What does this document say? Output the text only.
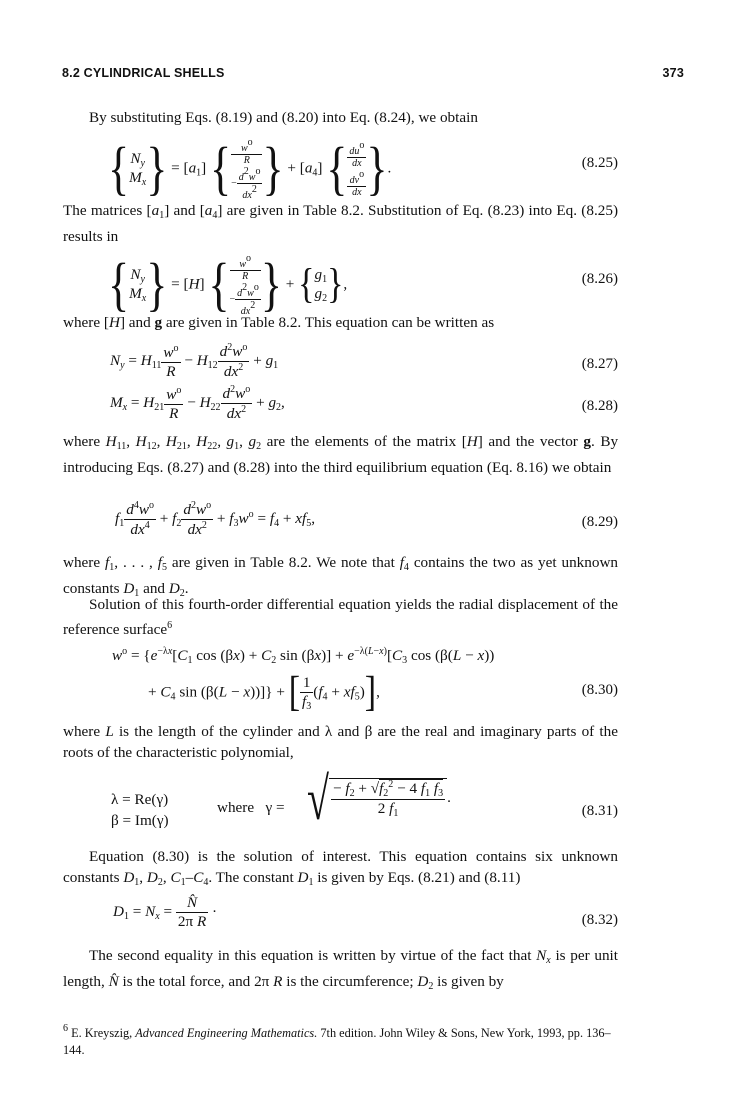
8.2 CYLINDRICAL SHELLS	373

By substituting Eqs. (8.19) and (8.20) into Eq. (8.24), we obtain

{ $N_y$
$M_x$ } = $[a_1]$ { $w^o$
R
− $\frac{d^2w^o}{dx^2}$ } + $[a_4]$ { $du^o$
dx
$dv^o$
dx }.	(8.25)

The matrices $[a_1]$ and $[a_4]$ are given in Table 8.2. Substitution of Eq. (8.23) into Eq. (8.25) results in

{ $N_y$
$M_x$ } = [H] { $w^o$
R
− $\frac{d^2w^o}{dx^2}$ } + { $g_1$
$g_2$ },	(8.26)

where [H] and g are given in Table 8.2. This equation can be written as

$N_y = H_{11} \frac{w^o}{R} - H_{12} \frac{d^2w^o}{dx^2} + g_1$	(8.27)
$M_x = H_{21} \frac{w^o}{R} - H_{22} \frac{d^2w^o}{dx^2} + g_2$,	(8.28)

where $H_{11}$, $H_{12}$, $H_{21}$, $H_{22}$, $g_1$, $g_2$ are the elements of the matrix [H] and the vector g. By introducing Eqs. (8.27) and (8.28) into the third equilibrium equation (Eq. 8.16) we obtain

$f_1 \frac{d^4w^o}{dx^4} + f_2 \frac{d^2w^o}{dx^2} + f_3w^o = f_4 + xf_5$,	(8.29)

where $f_1$, . . . , $f_5$ are given in Table 8.2. We note that $f_4$ contains the two as yet unknown constants $D_1$ and $D_2$.

Solution of this fourth-order differential equation yields the radial displacement of the reference surface$^6$

$w^o = \{e^{-\lambda x}[C_1$ $\cos (\beta x) + C_2$ $\sin (\beta x)] + e^{-\lambda(L-x)}[C_3$ cos (β(L − x))
+ $C_4$ sin (β(L − x))]} + [ $\frac{1}{f_3} (f_4 + xf_5)$],	(8.30)

where L is the length of the cylinder and λ and β are the real and imaginary parts of the roots of the characteristic polynomial,

λ = Re(γ)
β = Im(γ)
where   γ = √ $\frac{- f_2 + √f_2^2 - 4 f_1 f_3}{2 f_1}$ .
(8.31)

Equation (8.30) is the solution of interest. This equation contains six unknown constants $D_1$, $D_2$, $C_1-C_4$. The constant $D_1$ is given by Eqs. (8.21) and (8.11)

$D_1 = N_x = \frac{N̂}{\text{2π R}}$ ·
(8.32)

The second equality in this equation is written by virtue of the fact that $N_x$ is per unit length, N̂ is the total force, and 2π R is the circumference; $D_2$ is given by

$^6$ E. Kreyszig, Advanced Engineering Mathematics. 7th edition. John Wiley & Sons, New York, 1993, pp. 136–144.
